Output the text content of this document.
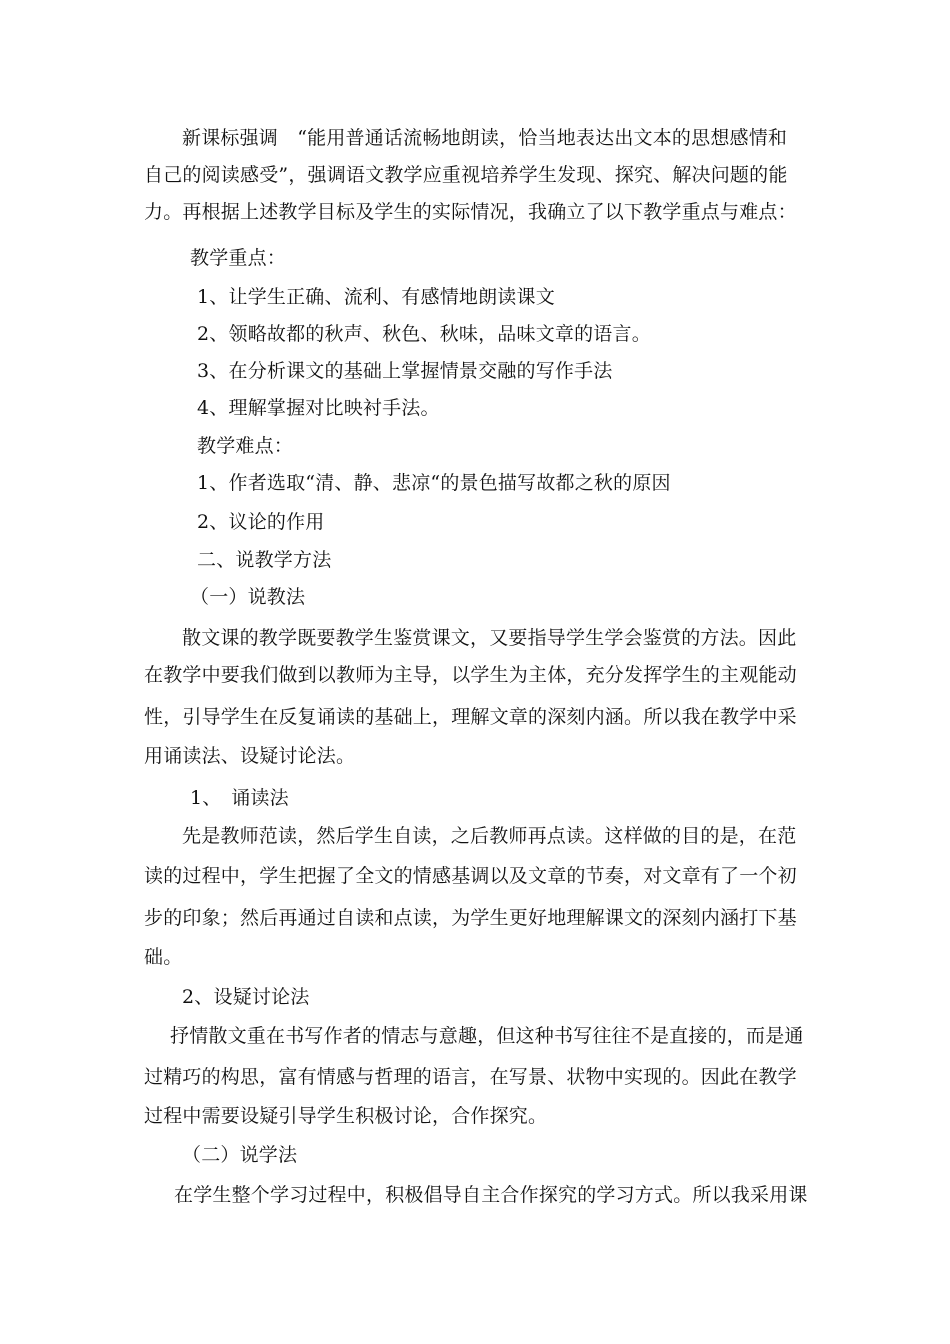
新课标强调　“能用普通话流畅地朗读，恰当地表达出文本的思想感情和
自己的阅读感受”，强调语文教学应重视培养学生发现、探究、解决问题的能
力。再根据上述教学目标及学生的实际情况，我确立了以下教学重点与难点：
教学重点：
1、让学生正确、流利、有感情地朗读课文
2、领略故都的秋声、秋色、秋味，品味文章的语言。
3、在分析课文的基础上掌握情景交融的写作手法
4、理解掌握对比映衬手法。
教学难点：
1、作者选取“清、静、悲凉“的景色描写故都之秋的原因
2、议论的作用
二、说教学方法
（一）说教法
散文课的教学既要教学生鉴赏课文，又要指导学生学会鉴赏的方法。因此
在教学中要我们做到以教师为主导，以学生为主体，充分发挥学生的主观能动
性，引导学生在反复诵读的基础上，理解文章的深刻内涵。所以我在教学中采
用诵读法、设疑讨论法。
1、　诵读法
先是教师范读，然后学生自读，之后教师再点读。这样做的目的是，在范
读的过程中，学生把握了全文的情感基调以及文章的节奏，对文章有了一个初
步的印象；然后再通过自读和点读，为学生更好地理解课文的深刻内涵打下基
础。
2、设疑讨论法
抒情散文重在书写作者的情志与意趣，但这种书写往往不是直接的，而是通
过精巧的构思，富有情感与哲理的语言，在写景、状物中实现的。因此在教学
过程中需要设疑引导学生积极讨论，合作探究。
（二）说学法
在学生整个学习过程中，积极倡导自主合作探究的学习方式。所以我采用课
